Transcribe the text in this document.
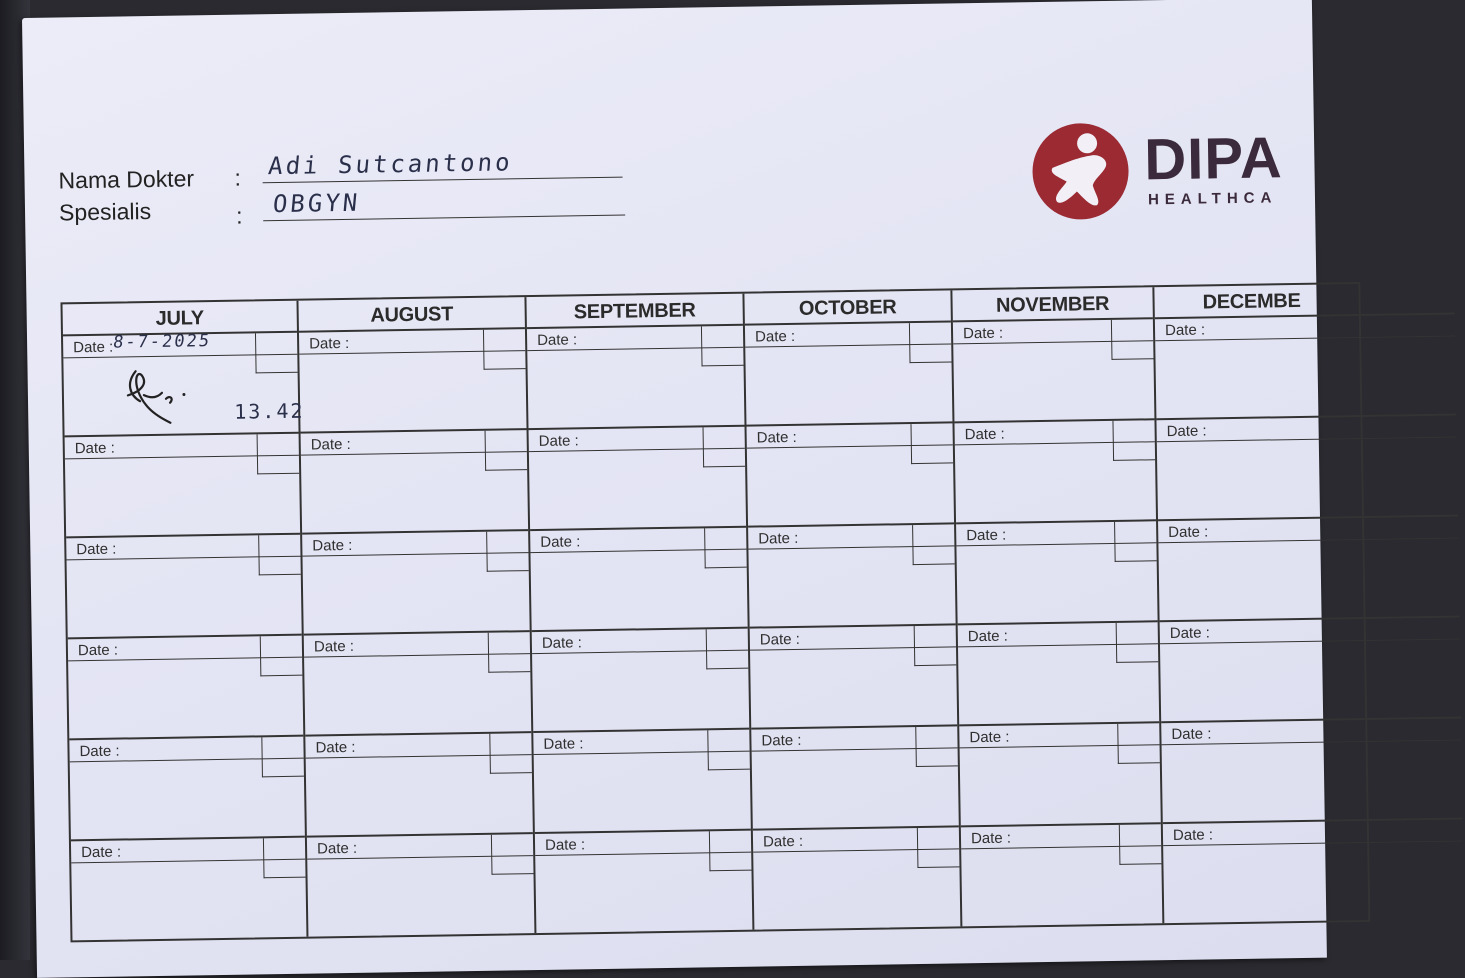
Nama Dokter : Adi Sutcantono
Spesialis	: OBGYN
DIPA
HEALTHCA
JULY
Date :
8-7-2025
13.42
Date :
Date :
Date :
Date :
Date :
AUGUST
Date :
Date :
Date :
Date :
Date :
Date :
SEPTEMBER
Date :
Date :
Date :
Date :
Date :
Date :
OCTOBER
Date :
Date :
Date :
Date :
Date :
Date :
NOVEMBER
Date :
Date :
Date :
Date :
Date :
Date :
DECEMBE
Date :
Date :
Date :
Date :
Date :
Date :
